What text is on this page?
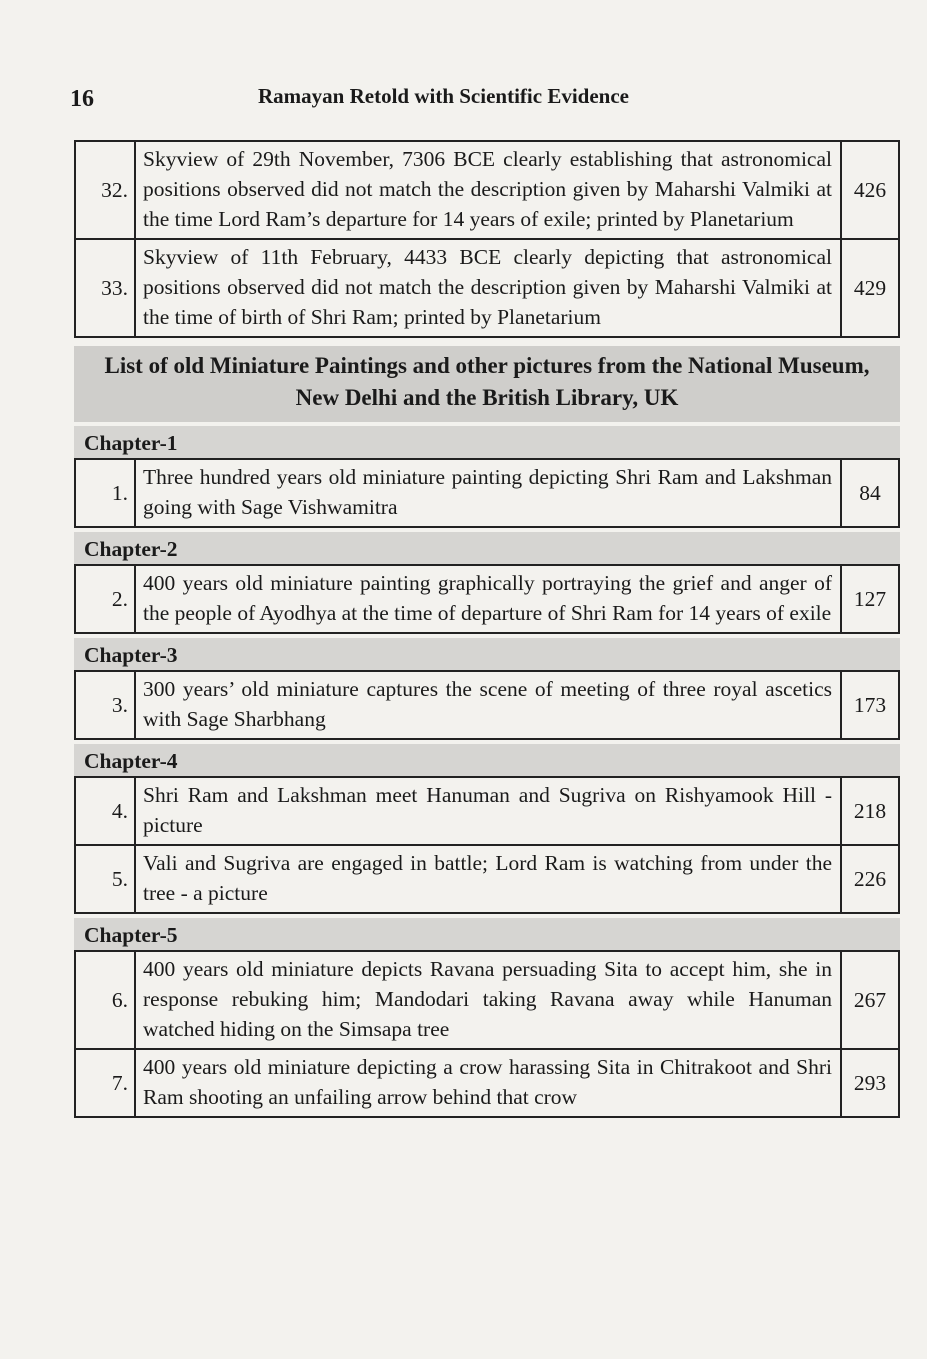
16	Ramayan Retold with Scientific Evidence
32.	Skyview of 29th November, 7306 BCE clearly establishing that astronomical positions observed did not match the description given by Maharshi Valmiki at the time Lord Ram’s departure for 14 years of exile; printed by Planetarium	426
33.	Skyview of 11th February, 4433 BCE clearly depicting that astronomical positions observed did not match the description given by Maharshi Valmiki at the time of birth of Shri Ram; printed by Planetarium	429
List of old Miniature Paintings and other pictures from the National Museum, New Delhi and the British Library, UK
Chapter-1
1.	Three hundred years old miniature painting depicting Shri Ram and Lakshman going with Sage Vishwamitra	84
Chapter-2
2.	400 years old miniature painting graphically portraying the grief and anger of the people of Ayodhya at the time of departure of Shri Ram for 14 years of exile	127
Chapter-3
3.	300 years’ old miniature captures the scene of meeting of three royal ascetics with Sage Sharbhang	173
Chapter-4
4.	Shri Ram and Lakshman meet Hanuman and Sugriva on Rishyamook Hill - picture	218
5.	Vali and Sugriva are engaged in battle; Lord Ram is watching from under the tree - a picture	226
Chapter-5
6.	400 years old miniature depicts Ravana persuading Sita to accept him, she in response rebuking him; Mandodari taking Ravana away while Hanuman watched hiding on the Simsapa tree	267
7.	400 years old miniature depicting a crow harassing Sita in Chitrakoot and Shri Ram shooting an unfailing arrow behind that crow	293
